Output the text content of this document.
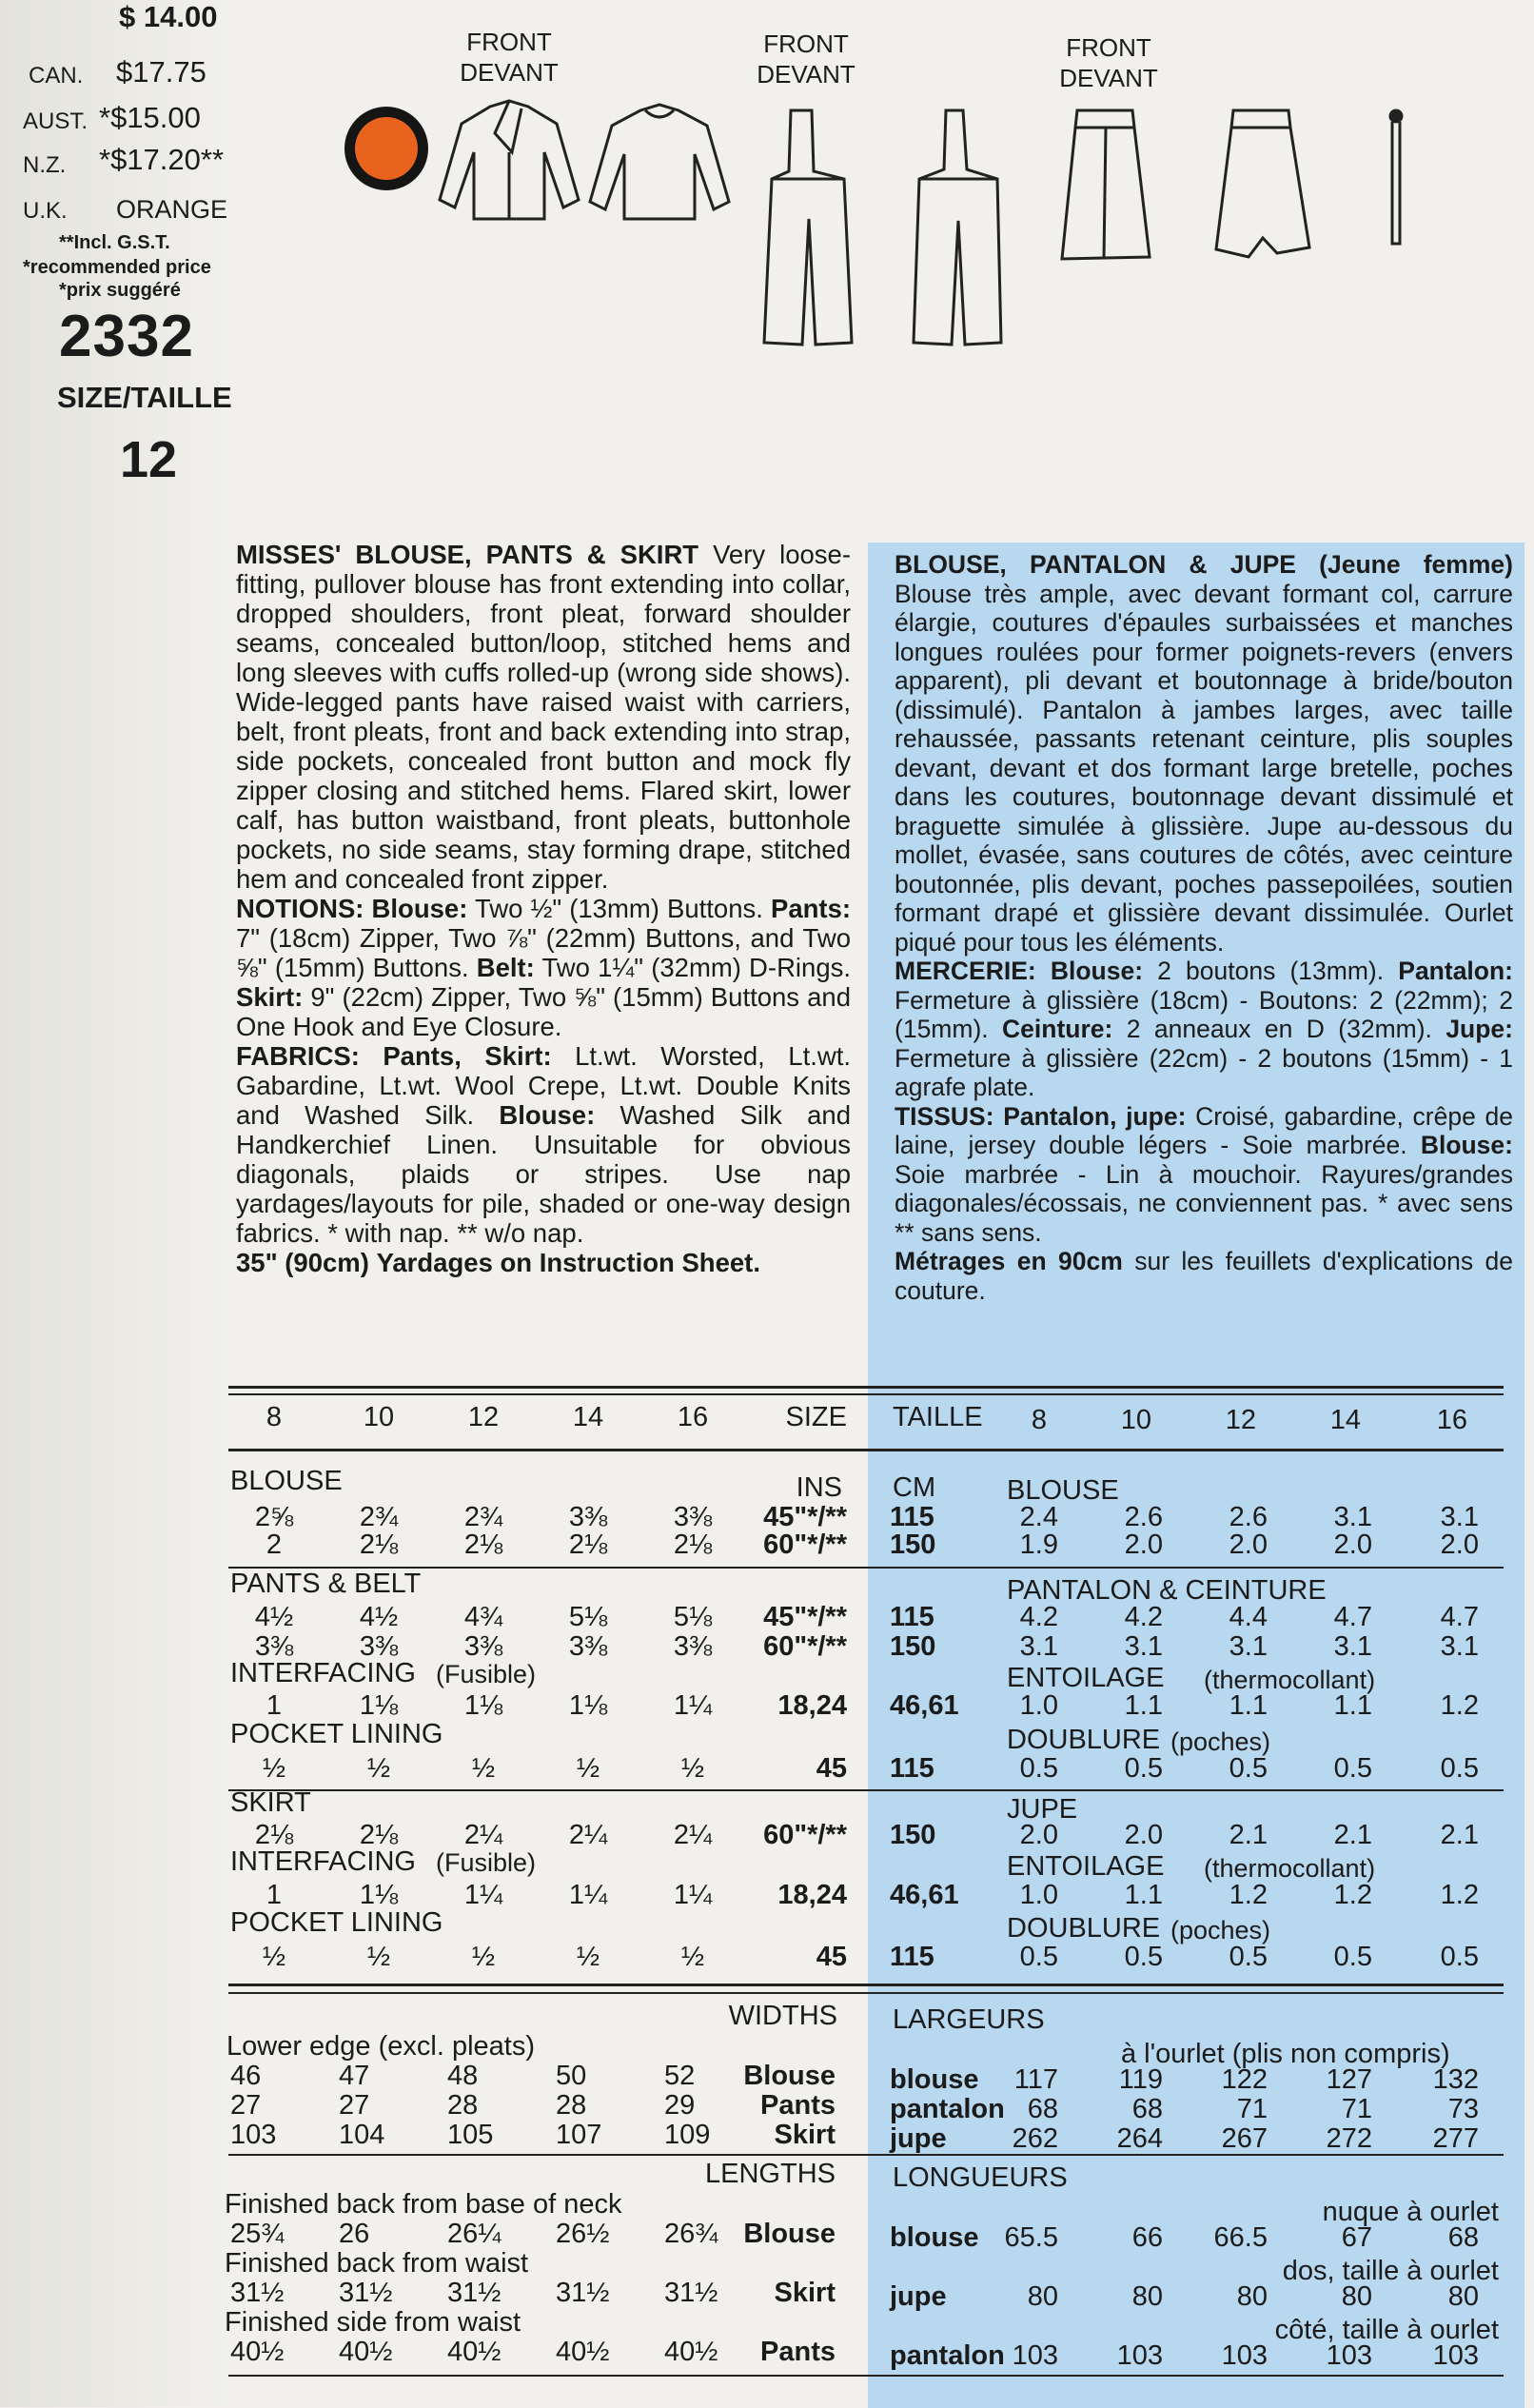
$ 14.00
CAN. $17.75
AUST. *$15.00
N.Z. *$17.20**
U.K. ORANGE
**Incl. G.S.T.
*recommended price
*prix suggéré
2332
SIZE/TAILLE
12
FRONT
DEVANT
FRONT
DEVANT
FRONT
DEVANT
MISSES' BLOUSE, PANTS & SKIRT Very loose-fitting, pullover blouse has front extending into collar, dropped shoulders, front pleat, forward shoulder seams, concealed button/loop, stitched hems and long sleeves with cuffs rolled-up (wrong side shows). Wide-legged pants have raised waist with carriers, belt, front pleats, front and back extending into strap, side pockets, concealed front button and mock fly zipper closing and stitched hems. Flared skirt, lower calf, has button waistband, front pleats, buttonhole pockets, no side seams, stay forming drape, stitched hem and concealed front zipper.
NOTIONS: Blouse: Two ½" (13mm) Buttons. Pants: 7" (18cm) Zipper, Two ⅞" (22mm) Buttons, and Two ⅝" (15mm) Buttons. Belt: Two 1¼" (32mm) D-Rings. Skirt: 9" (22cm) Zipper, Two ⅝" (15mm) Buttons and One Hook and Eye Closure.
FABRICS: Pants, Skirt: Lt.wt. Worsted, Lt.wt. Gabardine, Lt.wt. Wool Crepe, Lt.wt. Double Knits and Washed Silk. Blouse: Washed Silk and Handkerchief Linen. Unsuitable for obvious diagonals, plaids or stripes. Use nap yardages/layouts for pile, shaded or one-way design fabrics. * with nap. ** w/o nap.
35" (90cm) Yardages on Instruction Sheet.
BLOUSE, PANTALON & JUPE (Jeune femme) Blouse très ample, avec devant formant col, carrure élargie, coutures d'épaules surbaissées et manches longues roulées pour former poignets-revers (envers apparent), pli devant et boutonnage à bride/bouton (dissimulé). Pantalon à jambes larges, avec taille rehaussée, passants retenant ceinture, plis souples devant, devant et dos formant large bretelle, poches dans les coutures, boutonnage devant dissimulé et braguette simulée à glissière. Jupe au-dessous du mollet, évasée, sans coutures de côtés, avec ceinture boutonnée, plis devant, poches passepoilées, soutien formant drapé et glissière devant dissimulée. Ourlet piqué pour tous les éléments.
MERCERIE: Blouse: 2 boutons (13mm). Pantalon: Fermeture à glissière (18cm) - Boutons: 2 (22mm); 2 (15mm). Ceinture: 2 anneaux en D (32mm). Jupe: Fermeture à glissière (22cm) - 2 boutons (15mm) - 1 agrafe plate.
TISSUS: Pantalon, jupe: Croisé, gabardine, crêpe de laine, jersey double légers - Soie marbrée. Blouse: Soie marbrée - Lin à mouchoir. Rayures/grandes diagonales/écossais, ne conviennent pas. * avec sens ** sans sens.
Métrages en 90cm sur les feuillets d'explications de couture.
8	10	12	14	16	SIZE TAILLE	8	10	12	14	16
BLOUSE	INS CM	BLOUSE
2⅝	2¾	2¾	3⅜	3⅜	45"*/** 115	2.4	2.6	2.6	3.1	3.1
2	2⅛	2⅛	2⅛	2⅛	60"*/** 150	1.9	2.0	2.0	2.0	2.0
PANTS & BELT	PANTALON & CEINTURE
4½	4½	4¾	5⅛	5⅛	45"*/** 115	4.2	4.2	4.4	4.7	4.7
3⅜	3⅜	3⅜	3⅜	3⅜	60"*/** 150	3.1	3.1	3.1	3.1	3.1
INTERFACING (Fusible)	ENTOILAGE (thermocollant)
1	1⅛	1⅛	1⅛	1¼	18,24 46,61	1.0	1.1	1.1	1.1	1.2
POCKET LINING	DOUBLURE (poches)
½	½	½	½	½	45 115	0.5	0.5	0.5	0.5	0.5
SKIRT	JUPE
2⅛	2⅛	2¼	2¼	2¼	60"*/** 150	2.0	2.0	2.1	2.1	2.1
INTERFACING (Fusible)	ENTOILAGE (thermocollant)
1	1⅛	1¼	1¼	1¼	18,24 46,61	1.0	1.1	1.2	1.2	1.2
POCKET LINING	DOUBLURE (poches)
½	½	½	½	½	45 115	0.5	0.5	0.5	0.5	0.5
WIDTHS LARGEURS
Lower edge (excl. pleats)	à l'ourlet (plis non compris)
46	47	48	50	52	Blouse blouse	117	119	122	127	132
27	27	28	28	29	Pants pantalon 68	68	71	71	73
103 104 105 107 109	Skirt jupe	262	264	267	272	277
LENGTHS LONGUEURS
Finished back from base of neck	nuque à ourlet
25¾ 26	26¼ 26½ 26¾ Blouse blouse 65.5	66	66.5	67	68
Finished back from waist	dos, taille à ourlet
31½ 31½ 31½ 31½ 31½	Skirt jupe	80	80	80	80	80
Finished side from waist	côté, taille à ourlet
40½ 40½ 40½ 40½ 40½	Pants pantalon 103	103	103	103	103
